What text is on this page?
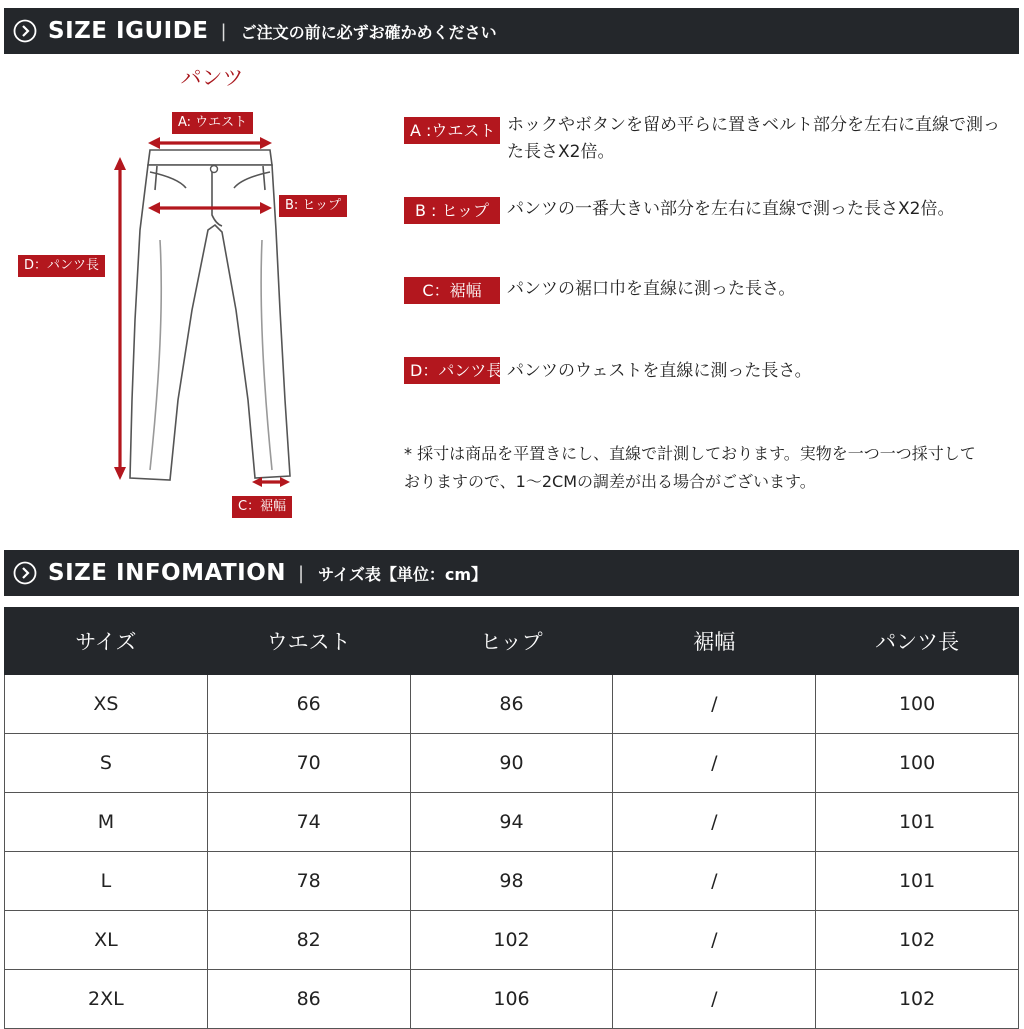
SIZE IGUIDE | ご注文の前に必ずお確かめください
パンツ
A: ウエスト
B: ヒップ
D：パンツ長
C：裾幅
A :ウエスト ホックやボタンを留め平らに置きベルト部分を左右に直線で測った長さX2倍。
B : ヒップ	パンツの一番大きい部分を左右に直線で測った長さX2倍。
C：裾幅	パンツの裾口巾を直線に測った長さ。
D：パンツ長 パンツのウェストを直線に測った長さ。
* 採寸は商品を平置きにし、直線で計測しております。実物を一つ一つ採寸しておりますので、1～2CMの調差が出る場合がございます。
SIZE INFOMATION | サイズ表【単位：cm】
サイズ	ウエスト	ヒップ	裾幅	パンツ長
XS	66	86	/	100
S	70	90	/	100
M	74	94	/	101
L	78	98	/	101
XL	82	102	/	102
2XL	86	106	/	102
